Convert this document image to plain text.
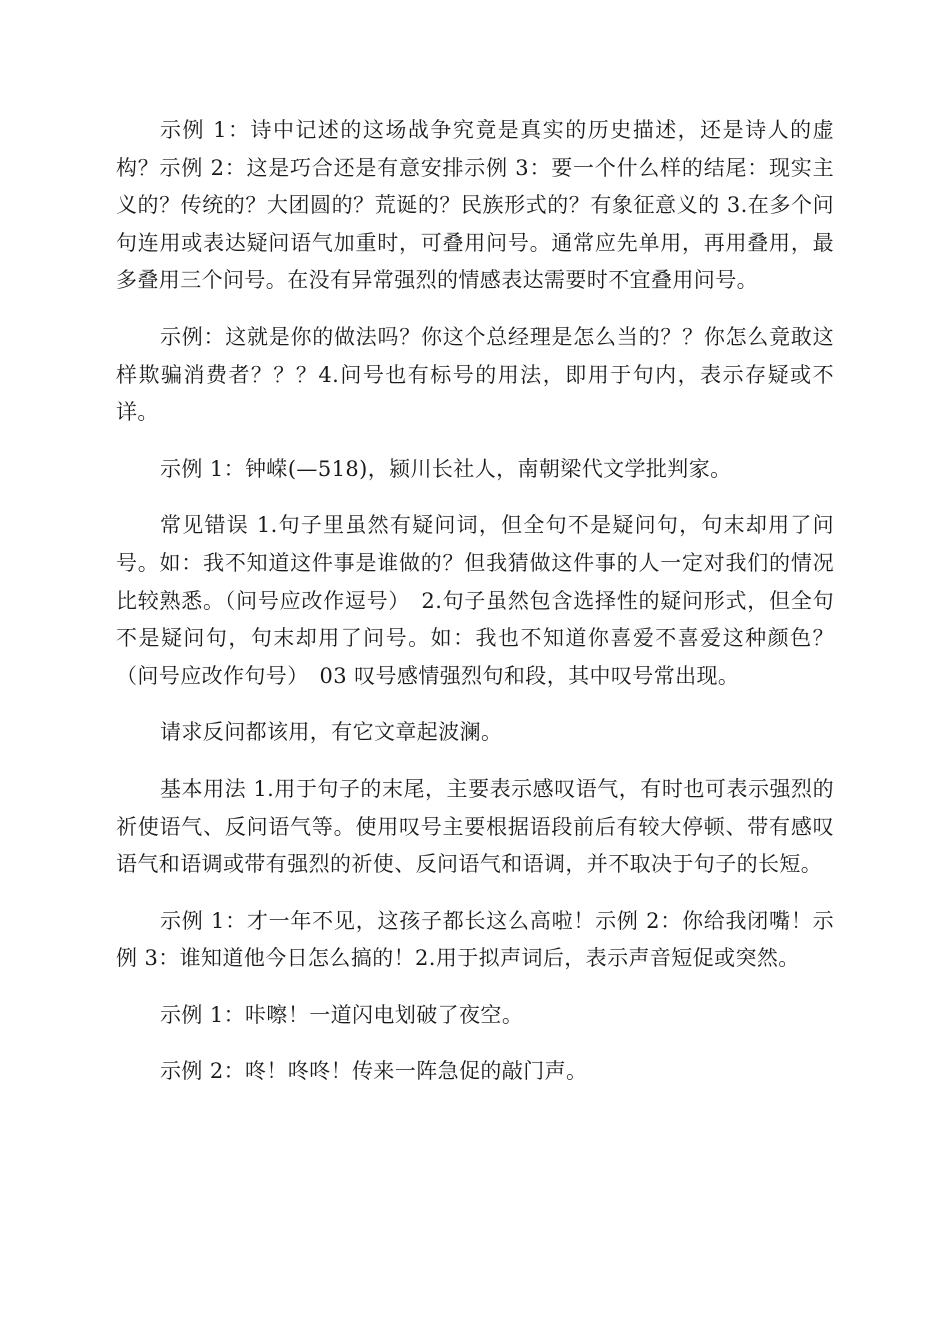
示例 1：诗中记述的这场战争究竟是真实的历史描述，还是诗人的虚构？示例 2：这是巧合还是有意安排示例 3：要一个什么样的结尾：现实主义的？传统的？大团圆的？荒诞的？民族形式的？有象征意义的 3.在多个问句连用或表达疑问语气加重时，可叠用问号。通常应先单用，再用叠用，最多叠用三个问号。在没有异常强烈的情感表达需要时不宜叠用问号。

示例：这就是你的做法吗？你这个总经理是怎么当的？？你怎么竟敢这样欺骗消费者？？？4.问号也有标号的用法，即用于句内，表示存疑或不详。

示例 1：钟嵘(—518)，颍川长社人，南朝梁代文学批判家。

常见错误 1.句子里虽然有疑问词，但全句不是疑问句，句末却用了问号。如：我不知道这件事是谁做的？但我猜做这件事的人一定对我们的情况比较熟悉。（问号应改作逗号）　2.句子虽然包含选择性的疑问形式，但全句不是疑问句，句末却用了问号。如：我也不知道你喜爱不喜爱这种颜色？（问号应改作句号）　03 叹号感情强烈句和段，其中叹号常出现。

请求反问都该用，有它文章起波澜。

基本用法 1.用于句子的末尾，主要表示感叹语气，有时也可表示强烈的祈使语气、反问语气等。使用叹号主要根据语段前后有较大停顿、带有感叹语气和语调或带有强烈的祈使、反问语气和语调，并不取决于句子的长短。

示例 1：才一年不见，这孩子都长这么高啦！示例 2：你给我闭嘴！示例 3：谁知道他今日怎么搞的！2.用于拟声词后，表示声音短促或突然。

示例 1：咔嚓！一道闪电划破了夜空。

示例 2：咚！咚咚！传来一阵急促的敲门声。
